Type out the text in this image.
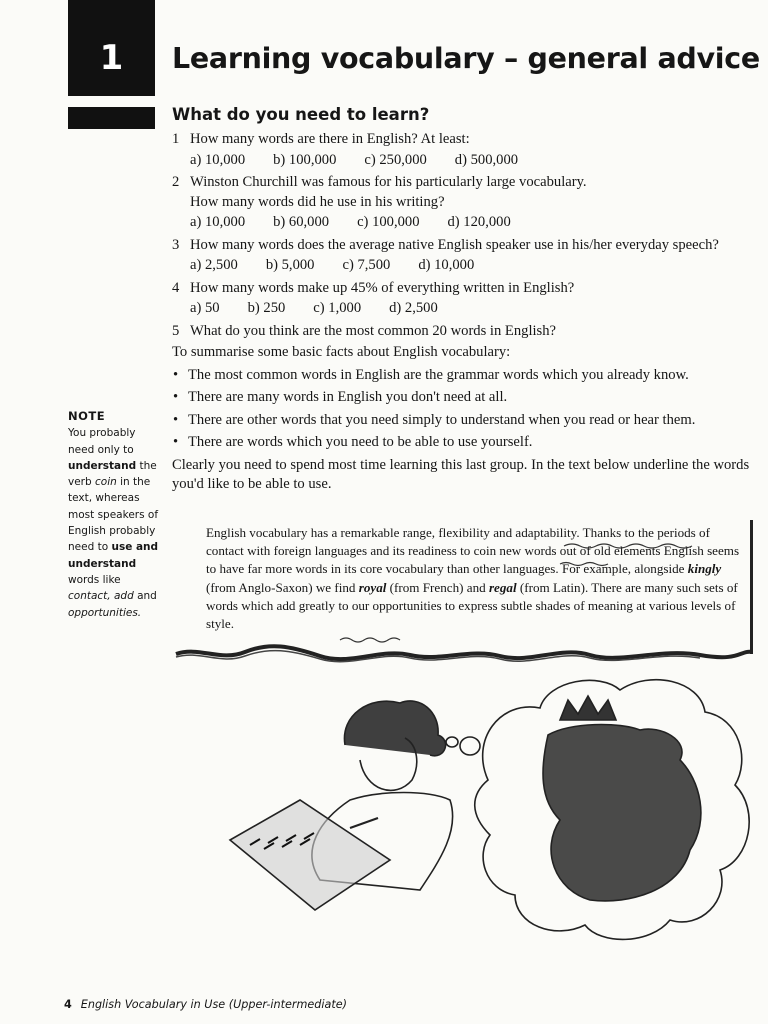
1 Learning vocabulary – general advice
What do you need to learn?
1 How many words are there in English? At least:
a) 10,000 b) 100,000 c) 250,000 d) 500,000
2 Winston Churchill was famous for his particularly large vocabulary.
How many words did he use in his writing?
a) 10,000 b) 60,000 c) 100,000 d) 120,000
3 How many words does the average native English speaker use in his/her everyday speech?
a) 2,500 b) 5,000 c) 7,500 d) 10,000
4 How many words make up 45% of everything written in English?
a) 50 b) 250 c) 1,000 d) 2,500
5 What do you think are the most common 20 words in English?
To summarise some basic facts about English vocabulary:
• The most common words in English are the grammar words which you already know.
• There are many words in English you don't need at all.
• There are other words that you need simply to understand when you read or hear them.
• There are words which you need to be able to use yourself.
Clearly you need to spend most time learning this last group. In the text below underline the words you'd like to be able to use.
NOTE
You probably need only to understand the verb coin in the text, whereas most speakers of English probably need to use and understand words like contact, add and opportunities.
English vocabulary has a remarkable range, flexibility and adaptability. Thanks to the periods of contact with foreign languages and its readiness to coin new words out of old elements English seems to have far more words in its core vocabulary than other languages. For example, alongside kingly (from Anglo-Saxon) we find royal (from French) and regal (from Latin). There are many such sets of words which add greatly to our opportunities to express subtle shades of meaning at various levels of style.
4 English Vocabulary in Use (Upper-intermediate)
